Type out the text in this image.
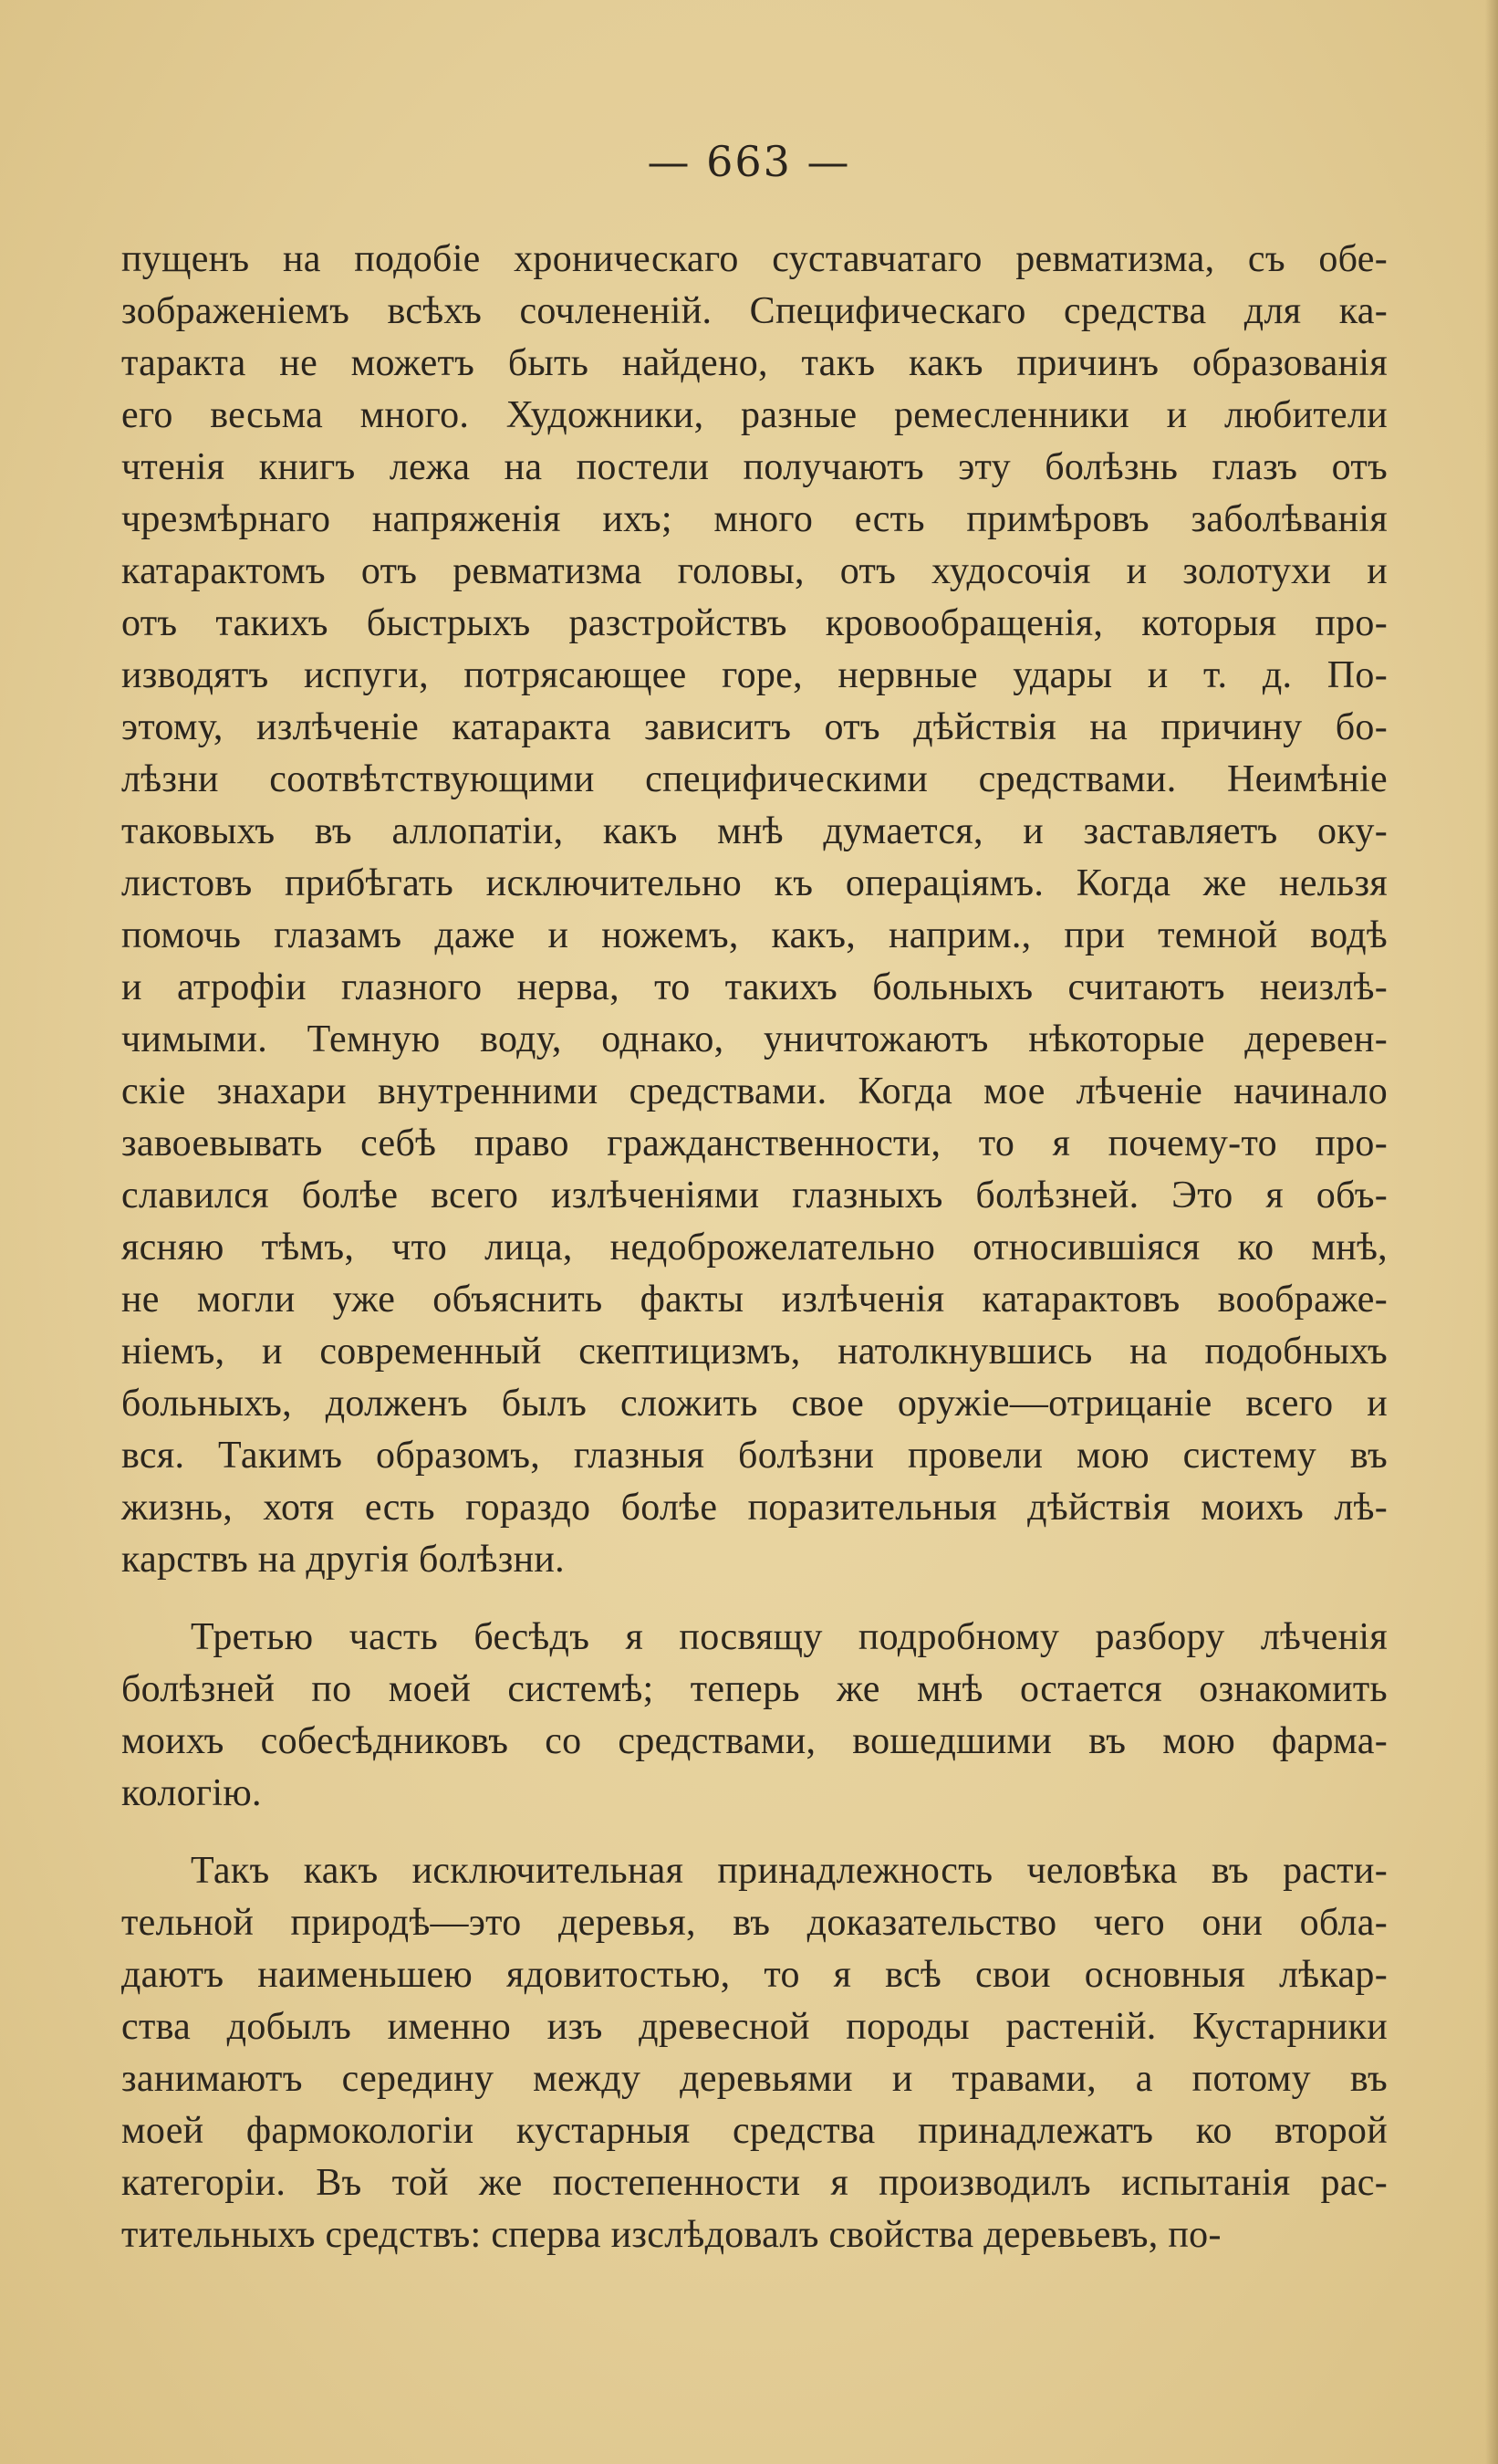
— 663 —
пущенъ на подобіе хроническаго суставчатаго ревматизма, съ обе-
зображеніемъ всѣхъ сочлененій. Специфическаго средства для ка-
таракта не можетъ быть найдено, такъ какъ причинъ образованія
его весьма много. Художники, разные ремесленники и любители
чтенія книгъ лежа на постели получаютъ эту болѣзнь глазъ отъ
чрезмѣрнаго напряженія ихъ; много есть примѣровъ заболѣванія
катарактомъ отъ ревматизма головы, отъ худосочія и золотухи и
отъ такихъ быстрыхъ разстройствъ кровообращенія, которыя про-
изводятъ испуги, потрясающее горе, нервные удары и т. д. По-
этому, излѣченіе катаракта зависитъ отъ дѣйствія на причину бо-
лѣзни соотвѣтствующими специфическими средствами. Неимѣніе
таковыхъ въ аллопатіи, какъ мнѣ думается, и заставляетъ оку-
листовъ прибѣгать исключительно къ операціямъ. Когда же нельзя
помочь глазамъ даже и ножемъ, какъ, наприм., при темной водѣ
и атрофіи глазного нерва, то такихъ больныхъ считаютъ неизлѣ-
чимыми. Темную воду, однако, уничтожаютъ нѣкоторые деревен-
скіе знахари внутренними средствами. Когда мое лѣченіе начинало
завоевывать себѣ право гражданственности, то я почему-то про-
славился болѣе всего излѣченіями глазныхъ болѣзней. Это я объ-
ясняю тѣмъ, что лица, недоброжелательно относившіяся ко мнѣ,
не могли уже объяснить факты излѣченія катарактовъ воображе-
ніемъ, и современный скептицизмъ, натолкнувшись на подобныхъ
больныхъ, долженъ былъ сложить свое оружіе—отрицаніе всего и
вся. Такимъ образомъ, глазныя болѣзни провели мою систему въ
жизнь, хотя есть гораздо болѣе поразительныя дѣйствія моихъ лѣ-
карствъ на другія болѣзни.
Третью часть бесѣдъ я посвящу подробному разбору лѣченія
болѣзней по моей системѣ; теперь же мнѣ остается ознакомить
моихъ собесѣдниковъ со средствами, вошедшими въ мою фарма-
кологію.
Такъ какъ исключительная принадлежность человѣка въ расти-
тельной природѣ—это деревья, въ доказательство чего они обла-
даютъ наименьшею ядовитостью, то я всѣ свои основныя лѣкар-
ства добылъ именно изъ древесной породы растеній. Кустарники
занимаютъ середину между деревьями и травами, а потому въ
моей фармокологіи кустарныя средства принадлежатъ ко второй
категоріи. Въ той же постепенности я производилъ испытанія рас-
тительныхъ средствъ: сперва изслѣдовалъ свойства деревьевъ, по-
